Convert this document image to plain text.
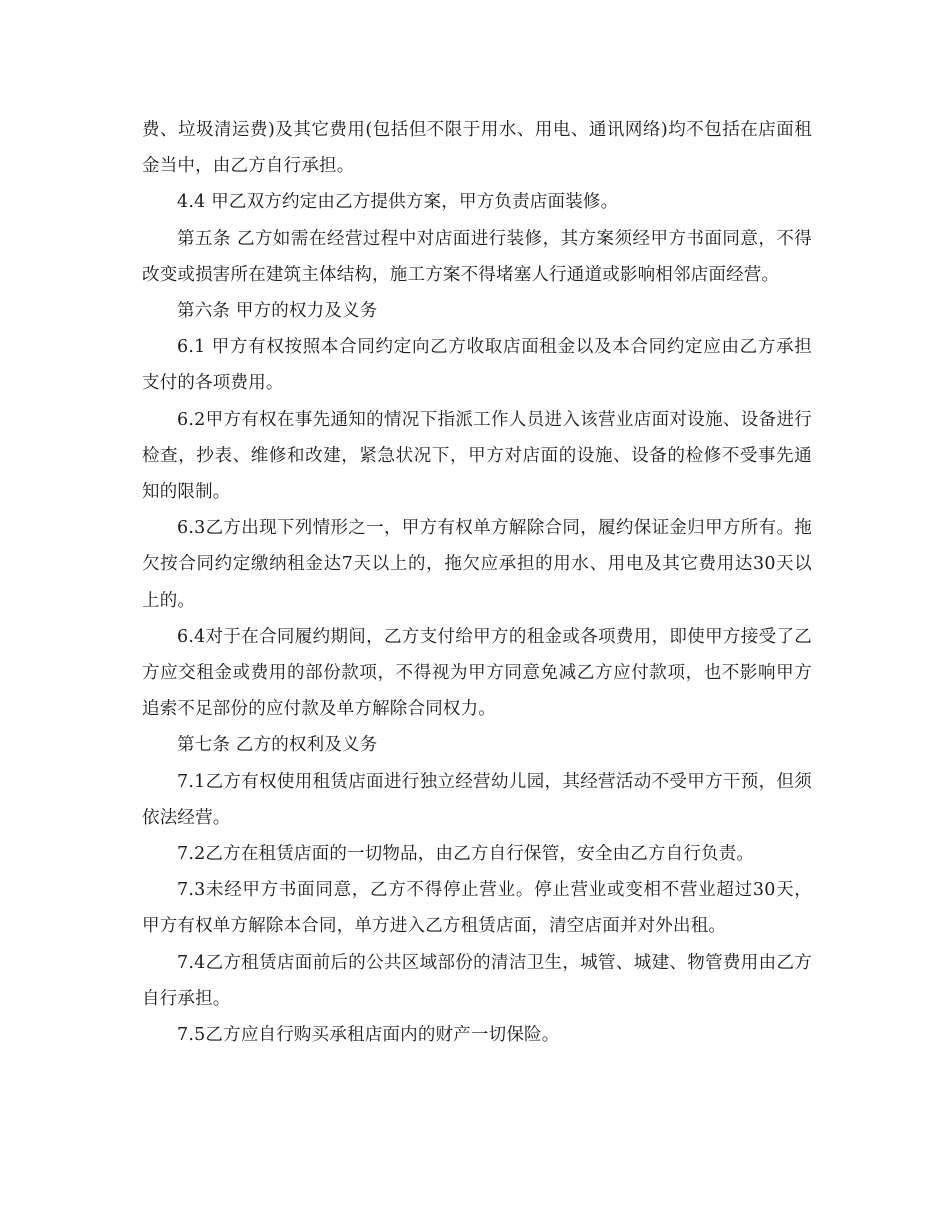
费、垃圾清运费)及其它费用(包括但不限于用水、用电、通讯网络)均不包括在店面租金当中，由乙方自行承担。

4.4 甲乙双方约定由乙方提供方案，甲方负责店面装修。

第五条 乙方如需在经营过程中对店面进行装修，其方案须经甲方书面同意，不得改变或损害所在建筑主体结构，施工方案不得堵塞人行通道或影响相邻店面经营。

第六条 甲方的权力及义务

6.1 甲方有权按照本合同约定向乙方收取店面租金以及本合同约定应由乙方承担支付的各项费用。

6.2甲方有权在事先通知的情况下指派工作人员进入该营业店面对设施、设备进行检查，抄表、维修和改建，紧急状况下，甲方对店面的设施、设备的检修不受事先通知的限制。

6.3乙方出现下列情形之一，甲方有权单方解除合同，履约保证金归甲方所有。拖欠按合同约定缴纳租金达7天以上的，拖欠应承担的用水、用电及其它费用达30天以上的。

6.4对于在合同履约期间，乙方支付给甲方的租金或各项费用，即使甲方接受了乙方应交租金或费用的部份款项，不得视为甲方同意免减乙方应付款项，也不影响甲方追索不足部份的应付款及单方解除合同权力。

第七条 乙方的权利及义务

7.1乙方有权使用租赁店面进行独立经营幼儿园，其经营活动不受甲方干预，但须依法经营。

7.2乙方在租赁店面的一切物品，由乙方自行保管，安全由乙方自行负责。

7.3未经甲方书面同意，乙方不得停止营业。停止营业或变相不营业超过30天，甲方有权单方解除本合同，单方进入乙方租赁店面，清空店面并对外出租。

7.4乙方租赁店面前后的公共区域部份的清洁卫生，城管、城建、物管费用由乙方自行承担。

7.5乙方应自行购买承租店面内的财产一切保险。
